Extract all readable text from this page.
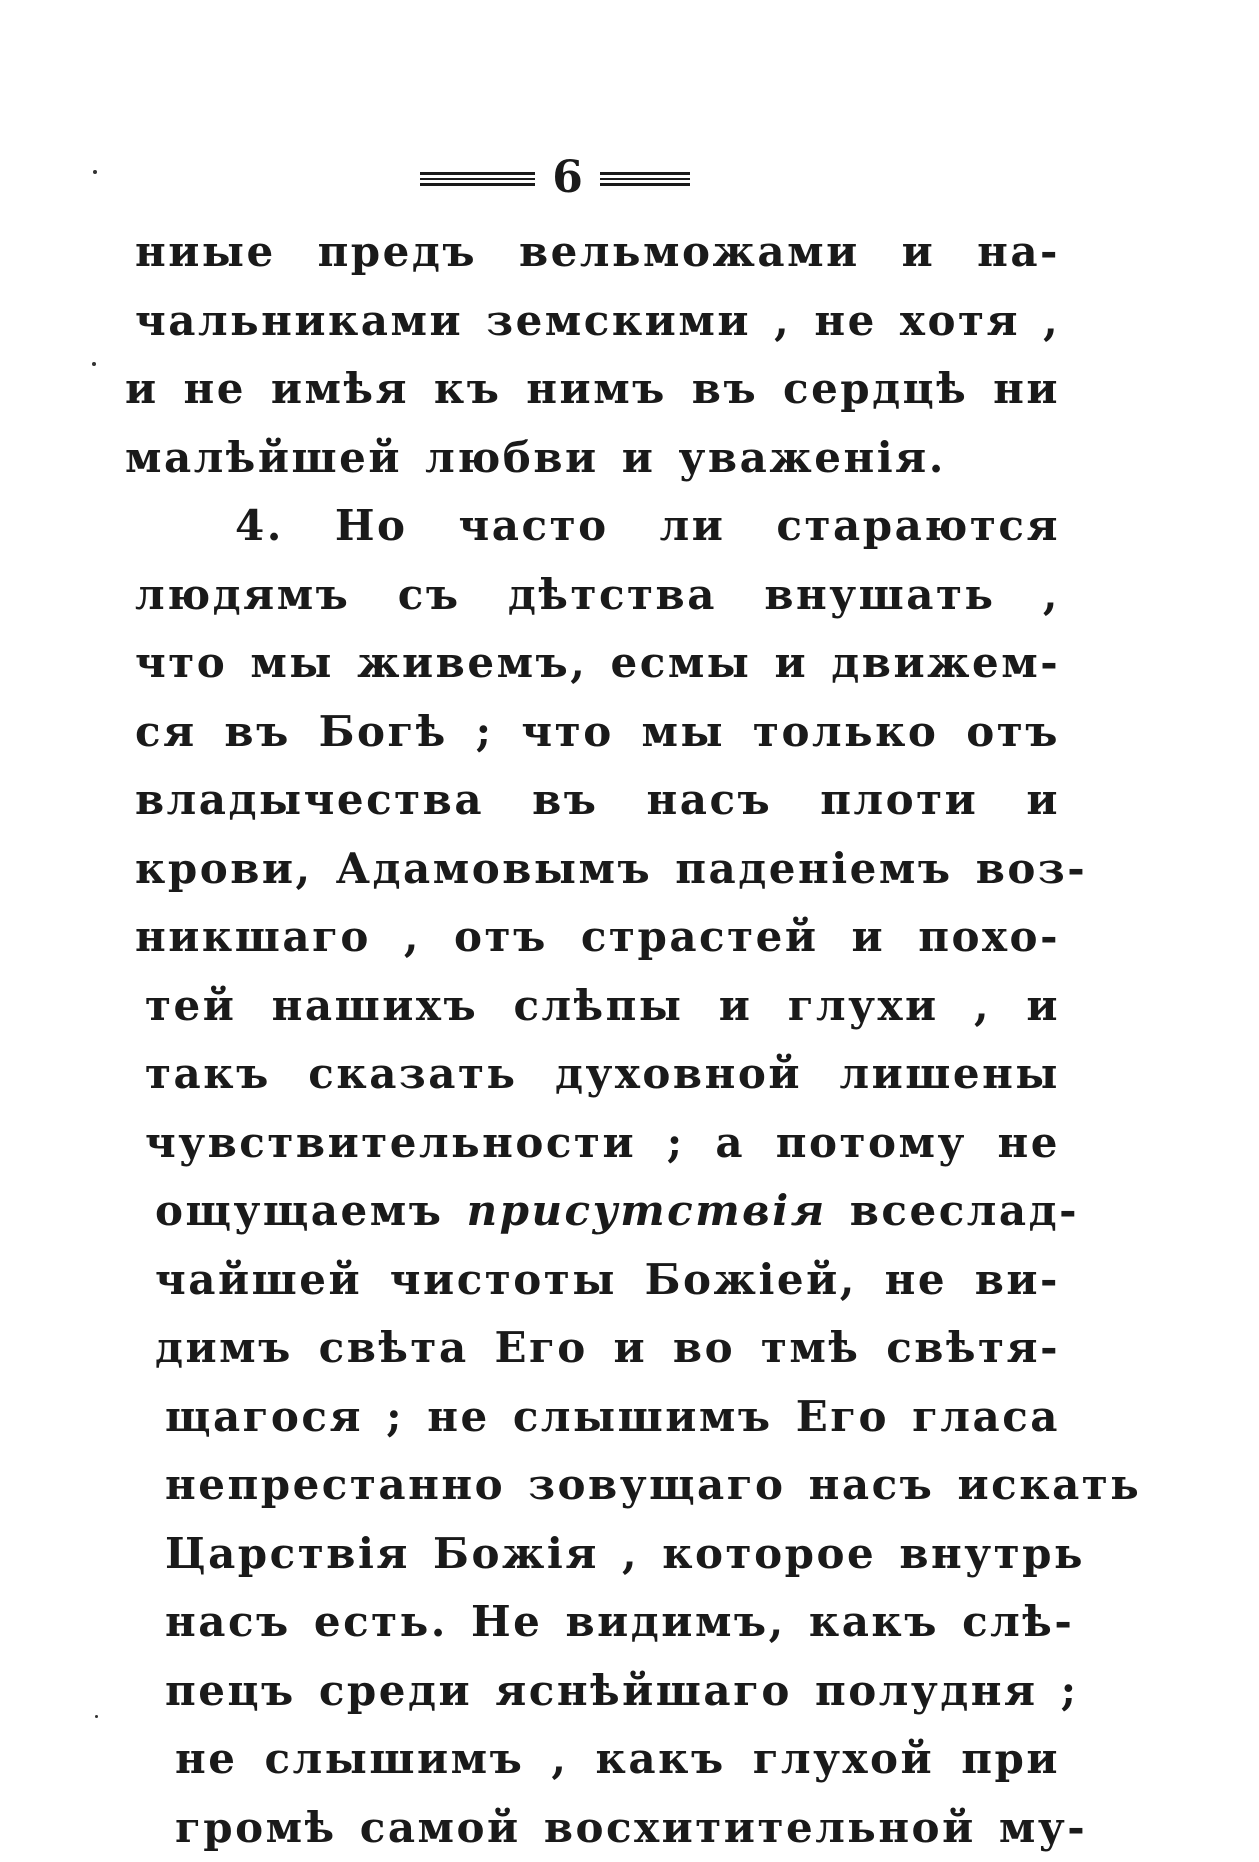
6
ниые предъ вельможами и на-
чальниками земскими , не хотя ,
и не имѣя къ нимъ въ сердцѣ ни
малѣйшей любви и уваженія.
4. Но часто ли стараются
людямъ съ дѣтства внушать ,
что мы живемъ, есмы и движем-
ся въ Богѣ ; что мы только отъ
владычества въ насъ плоти и
крови, Адамовымъ паденіемъ воз-
никшаго , отъ страстей и похо-
тей нашихъ слѣпы и глухи , и
такъ сказать духовной лишены
чувствительности ; а потому не
ощущаемъ присутствія всеслад-
чайшей чистоты Божіей, не ви-
димъ свѣта Его и во тмѣ свѣтя-
щагося ; не слышимъ Его гласа
непрестанно зовущаго насъ искать
Царствія Божія , которое внутрь
насъ есть. Не видимъ, какъ слѣ-
пецъ среди яснѣйшаго полудня ;
не слышимъ , какъ глухой при
громѣ самой восхитительной му-
